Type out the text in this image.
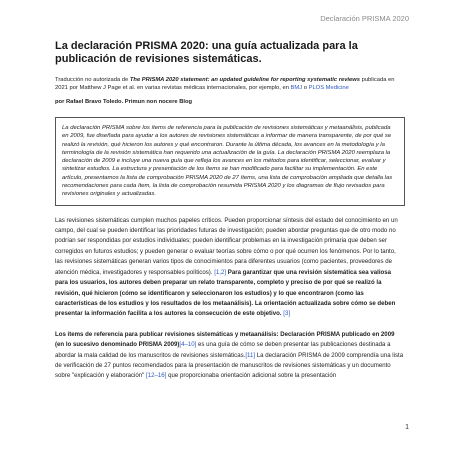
Declaración PRISMA 2020
La declaración PRISMA 2020: una guía actualizada para la publicación de revisiones sistemáticas.
Traducción no autorizada de The PRISMA 2020 statement: an updated guideline for reporting systematic reviews publicada en 2021 por Matthew J Page et al. en varias revistas médicas internacionales, por ejemplo, en BMJ o PLOS Medicine
por Rafael Bravo Toledo. Primun non nocere Blog
La declaración PRISMA sobre los ítems de referencia para la publicación de revisiones sistemáticas y metaanálisis, publicada en 2009, fue diseñada para ayudar a los autores de revisiones sistemáticas a informar de manera transparente, de por qué se realizó la revisión, qué hicieron los autores y qué encontraron. Durante la última década, los avances en la metodología y la terminología de la revisión sistemática han requerido una actualización de la guía. La declaración PRISMA 2020 reemplaza la declaración de 2009 e incluye una nueva guía que refleja los avances en los métodos para identificar, seleccionar, evaluar y sintetizar estudios. La estructura y presentación de los ítems se han modificado para facilitar su implementación. En este artículo, presentamos la lista de comprobación PRISMA 2020 de 27 ítems, una lista de comprobación ampliada que detalla las recomendaciones para cada ítem, la lista de comprobación resumida PRISMA 2020 y los diagramas de flujo revisados para revisiones originales y actualizadas.

Las revisiones sistemáticas cumplen muchos papeles críticos. Pueden proporcionar síntesis del estado del conocimiento en un campo, del cual se pueden identificar las prioridades futuras de investigación; pueden abordar preguntas que de otro modo no podrían ser respondidas por estudios individuales; pueden identificar problemas en la investigación primaria que deben ser corregidos en futuros estudios; y pueden generar o evaluar teorías sobre cómo o por qué ocurren los fenómenos. Por lo tanto, las revisiones sistemáticas generan varios tipos de conocimientos para diferentes usuarios (como pacientes, proveedores de atención médica, investigadores y responsables políticos). [1,2] Para garantizar que una revisión sistemática sea valiosa para los usuarios, los autores deben preparar un relato transparente, completo y preciso de por qué se realizó la revisión, qué hicieron (cómo se identificaron y seleccionaron los estudios) y lo que encontraron (como las características de los estudios y los resultados de los metaanálisis). La orientación actualizada sobre cómo se deben presentar la información facilita a los autores la consecución de este objetivo. [3]

Los ítems de referencia para publicar revisiones sistemáticas y metaanálisis: Declaración PRISMA publicado en 2009 (en lo sucesivo denominado PRISMA 2009)[4–10] es una guía de cómo se deben presentar las publicaciones destinada a abordar la mala calidad de los manuscritos de revisiones sistemáticas.[11] La declaración PRISMA de 2009 comprendía una lista de verificación de 27 puntos recomendados para la presentación de manuscritos de revisiones sistemáticas y un documento sobre "explicación y elaboración" [12–16] que proporcionaba orientación adicional sobre la presentación

1
